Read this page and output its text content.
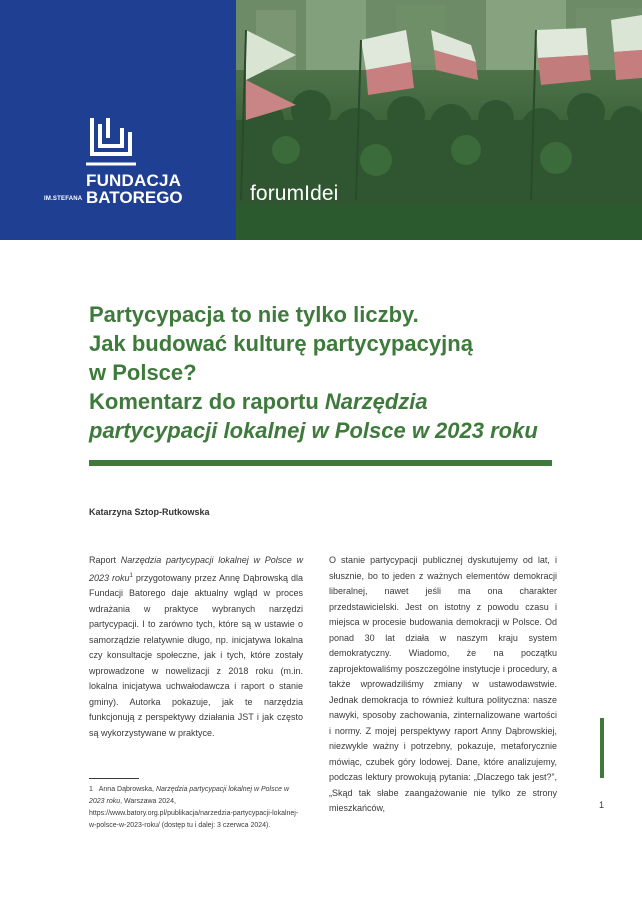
FUNDACJA
IM.STEFANA BATOREGO	forumIdei
Partycypacja to nie tylko liczby.
Jak budować kulturę partycypacyjną
w Polsce?
Komentarz do raportu Narzędzia
partycypacji lokalnej w Polsce w 2023 roku
Katarzyna Sztop-Rutkowska
Raport Narzędzia partycypacji lokalnej w Polsce w 2023 roku$^1$ przygotowany przez Annę Dąbrowską dla Fundacji Batorego daje aktualny wgląd w proces wdrażania w praktyce wybranych narzędzi partycypacji. I to zarówno tych, które są w ustawie o samorządzie relatywnie długo, np. inicjatywa lokalna czy konsultacje społeczne, jak i tych, które zostały wprowadzone w nowelizacji z 2018 roku (m.in. lokalna inicjatywa uchwałodawcza i raport o stanie gminy). Autorka pokazuje, jak te narzędzia funkcjonują z perspektywy działania JST i jak często są wykorzystywane w praktyce.
O stanie partycypacji publicznej dyskutujemy od lat, i słusznie, bo to jeden z ważnych elementów demokracji liberalnej, nawet jeśli ma ona charakter przedstawicielski. Jest on istotny z powodu czasu i miejsca w procesie budowania demokracji w Polsce. Od ponad 30 lat działa w naszym kraju system demokratyczny. Wiadomo, że na początku zaprojektowaliśmy poszczególne instytucje i procedury, a także wprowadziliśmy zmiany w ustawodawstwie. Jednak demokracja to również kultura polityczna: nasze nawyki, sposoby zachowania, zinternalizowane wartości i normy. Z mojej perspektywy raport Anny Dąbrowskiej, niezwykle ważny i potrzebny, pokazuje, metaforycznie mówiąc, czubek góry lodowej. Dane, które analizujemy, podczas lektury prowokują pytania: „Dlaczego tak jest?”, „Skąd tak słabe zaangażowanie nie tylko ze strony mieszkańców,
1 Anna Dąbrowska, Narzędzia partycypacji lokalnej w Polsce w 2023 roku, Warszawa 2024, https://www.batory.org.pl/publikacja/narzedzia-partycypacji-lokalnej-w-polsce-w-2023-roku/ (dostęp tu i dalej: 3 czerwca 2024).
1
